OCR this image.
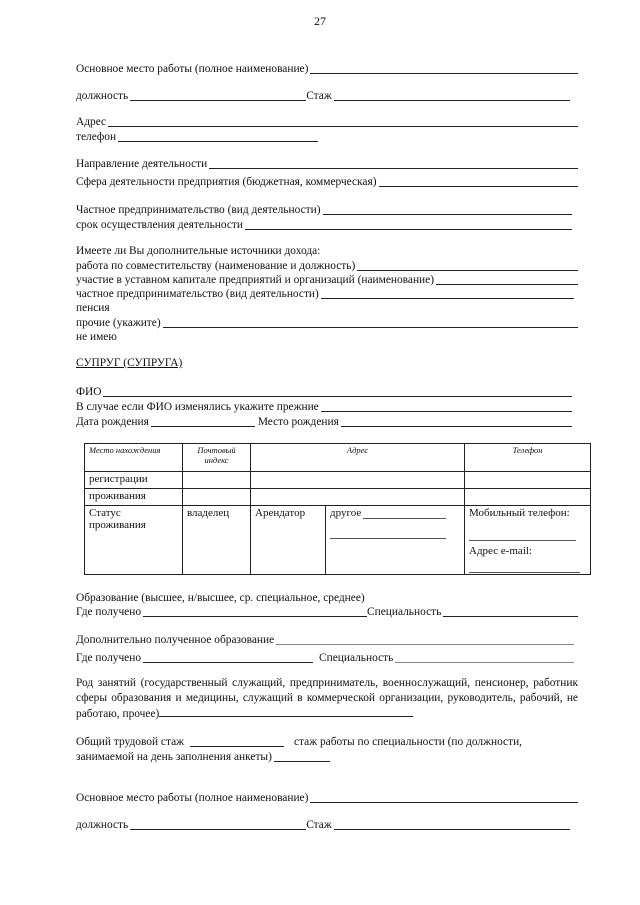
27
Основное место работы (полное наименование)
должность	Стаж
Адрес
телефон
Направление деятельности
Сфера деятельности предприятия (бюджетная, коммерческая)
Частное предпринимательство (вид деятельности)
срок осуществления деятельности
Имеете ли Вы дополнительные источники дохода:
работа по совместительству (наименование и должность)
участие в уставном капитале предприятий и организаций (наименование)
частное предпринимательство (вид деятельности)
пенсия
прочие (укажите)
не имею
СУПРУГ (СУПРУГА)
ФИО
В случае если ФИО изменялись укажите прежние
Дата рождения	Место рождения
Место нахождения	Почтовый индекс	Адрес		Телефон
регистрации				
проживания				
Статус проживания	владелец	Арендатор	другое	Мобильный телефон:
Адрес e-mail:
Образование (высшее, н/высшее, ср. специальное, среднее)
Где получено	Специальность
Дополнительно полученное образование
Где получено	Специальность
Род занятий (государственный служащий, предприниматель, военнослужащий, пенсионер, работник сферы образования и медицины, служащий в коммерческой организации, руководитель, рабочий, не работаю, прочее)
Общий трудовой стаж	стаж работы по специальности (по должности,
занимаемой на день заполнения анкеты)
Основное место работы (полное наименование)
должность	Стаж
